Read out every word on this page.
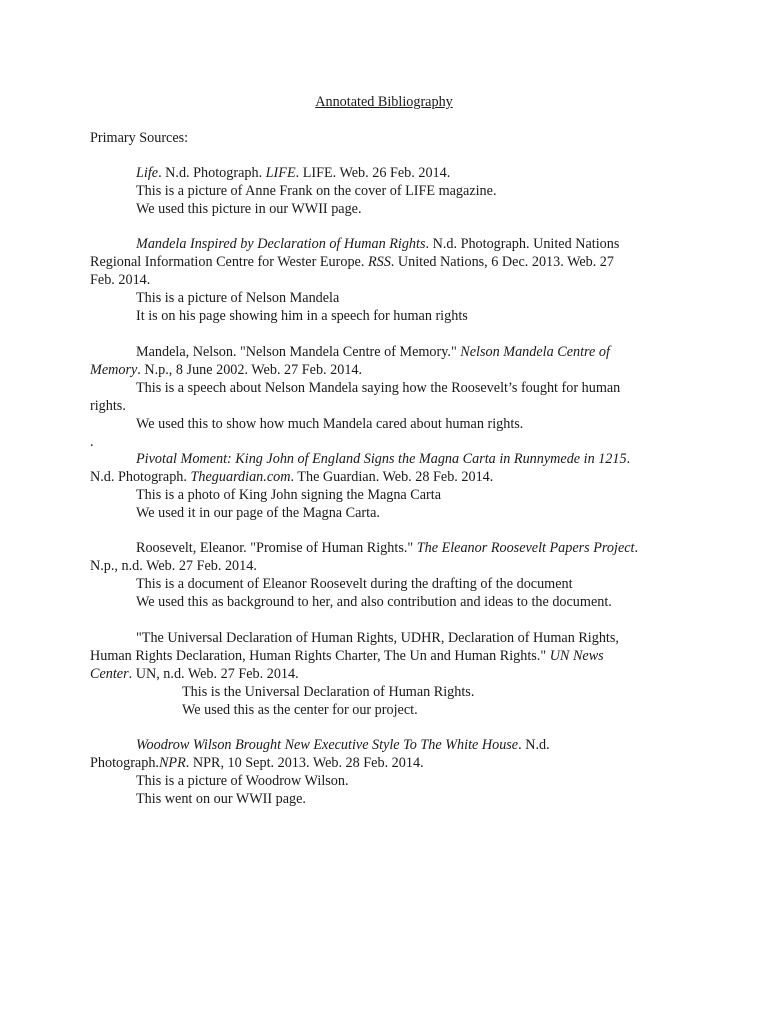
Annotated Bibliography
Primary Sources:
Life. N.d. Photograph. LIFE. LIFE. Web. 26 Feb. 2014.
This is a picture of Anne Frank on the cover of LIFE magazine.
We used this picture in our WWII page.
Mandela Inspired by Declaration of Human Rights. N.d. Photograph. United Nations
Regional Information Centre for Wester Europe. RSS. United Nations, 6 Dec. 2013. Web. 27
Feb. 2014.
This is a picture of Nelson Mandela
It is on his page showing him in a speech for human rights
Mandela, Nelson. "Nelson Mandela Centre of Memory." Nelson Mandela Centre of
Memory. N.p., 8 June 2002. Web. 27 Feb. 2014.
This is a speech about Nelson Mandela saying how the Roosevelt’s fought for human
rights.
We used this to show how much Mandela cared about human rights.
.
Pivotal Moment: King John of England Signs the Magna Carta in Runnymede in 1215.
N.d. Photograph. Theguardian.com. The Guardian. Web. 28 Feb. 2014.
This is a photo of King John signing the Magna Carta
We used it in our page of the Magna Carta.
Roosevelt, Eleanor. "Promise of Human Rights." The Eleanor Roosevelt Papers Project.
N.p., n.d. Web. 27 Feb. 2014.
This is a document of Eleanor Roosevelt during the drafting of the document
We used this as background to her, and also contribution and ideas to the document.
"The Universal Declaration of Human Rights, UDHR, Declaration of Human Rights,
Human Rights Declaration, Human Rights Charter, The Un and Human Rights." UN News
Center. UN, n.d. Web. 27 Feb. 2014.
This is the Universal Declaration of Human Rights.
We used this as the center for our project.
Woodrow Wilson Brought New Executive Style To The White House. N.d.
Photograph.NPR. NPR, 10 Sept. 2013. Web. 28 Feb. 2014.
This is a picture of Woodrow Wilson.
This went on our WWII page.
